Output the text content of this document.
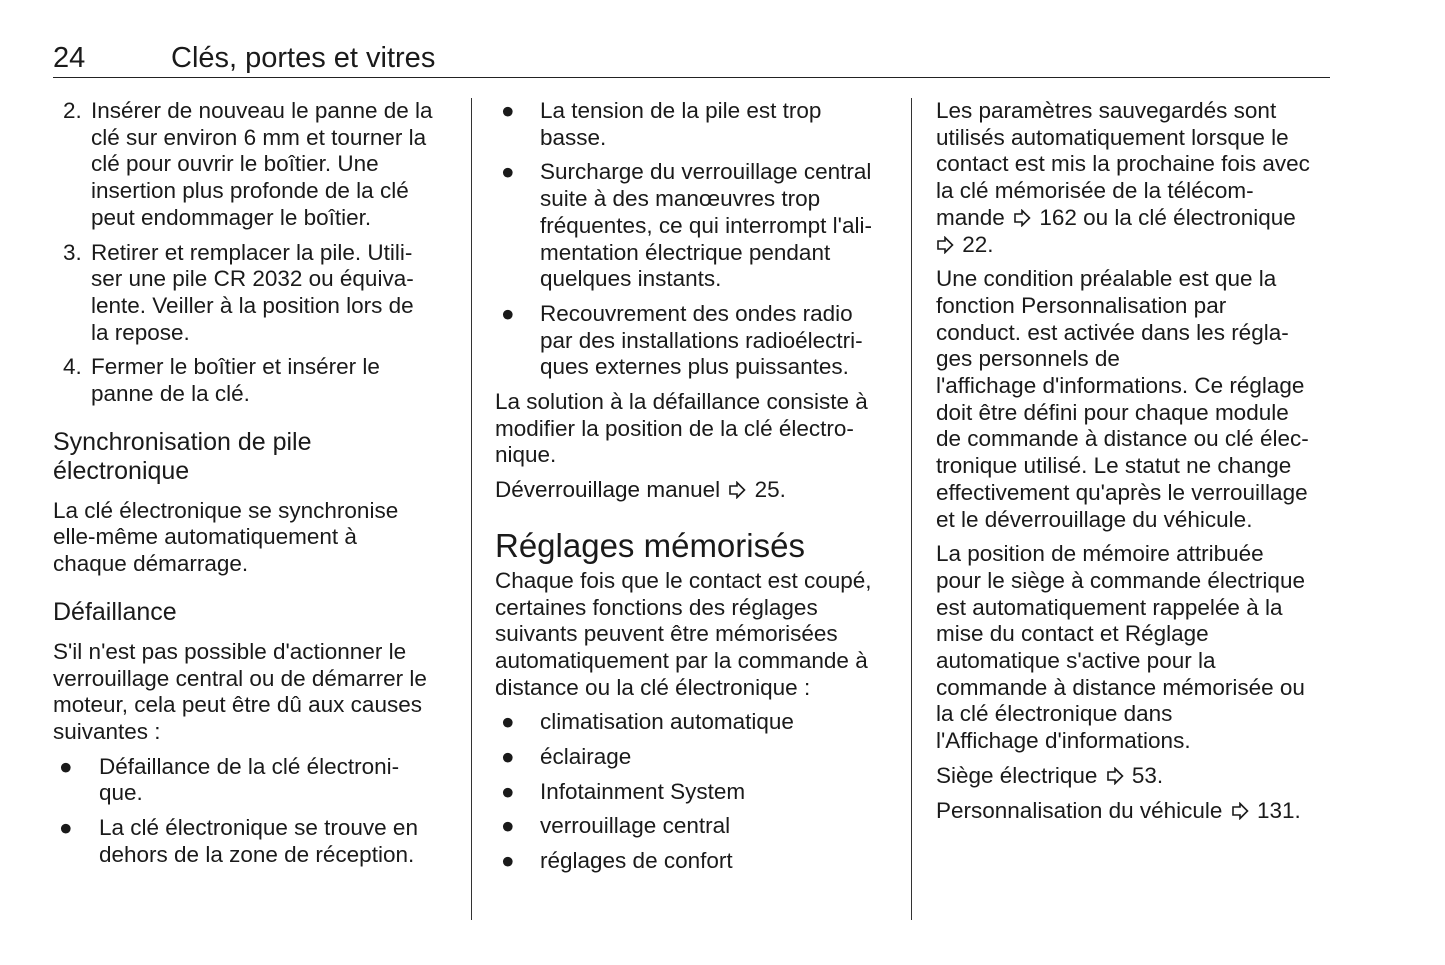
24	Clés, portes et vitres
2. Insérer de nouveau le panne de la
clé sur environ 6 mm et tourner la
clé pour ouvrir le boîtier. Une
insertion plus profonde de la clé
peut endommager le boîtier.
3. Retirer et remplacer la pile. Utili-
ser une pile CR 2032 ou équiva-
lente. Veiller à la position lors de
la repose.
4. Fermer le boîtier et insérer le
panne de la clé.
Synchronisation de pile
électronique
La clé électronique se synchronise
elle-même automatiquement à
chaque démarrage.
Défaillance
S'il n'est pas possible d'actionner le
verrouillage central ou de démarrer le
moteur, cela peut être dû aux causes
suivantes :
● Défaillance de la clé électroni-
que.
● La clé électronique se trouve en
dehors de la zone de réception.
● La tension de la pile est trop
basse.
● Surcharge du verrouillage central
suite à des manœuvres trop
fréquentes, ce qui interrompt l'ali-
mentation électrique pendant
quelques instants.
● Recouvrement des ondes radio
par des installations radioélectri-
ques externes plus puissantes.
La solution à la défaillance consiste à
modifier la position de la clé électro-
nique.
Déverrouillage manuel 25.
Réglages mémorisés
Chaque fois que le contact est coupé,
certaines fonctions des réglages
suivants peuvent être mémorisées
automatiquement par la commande à
distance ou la clé électronique :
● climatisation automatique
● éclairage
● Infotainment System
● verrouillage central
● réglages de confort
Les paramètres sauvegardés sont
utilisés automatiquement lorsque le
contact est mis la prochaine fois avec
la clé mémorisée de la télécom-
mande 162 ou la clé électronique
22.
Une condition préalable est que la
fonction Personnalisation par
conduct. est activée dans les régla-
ges personnels de
l'affichage d'informations. Ce réglage
doit être défini pour chaque module
de commande à distance ou clé élec-
tronique utilisé. Le statut ne change
effectivement qu'après le verrouillage
et le déverrouillage du véhicule.
La position de mémoire attribuée
pour le siège à commande électrique
est automatiquement rappelée à la
mise du contact et Réglage
automatique s'active pour la
commande à distance mémorisée ou
la clé électronique dans
l'Affichage d'informations.
Siège électrique 53.
Personnalisation du véhicule 131.
